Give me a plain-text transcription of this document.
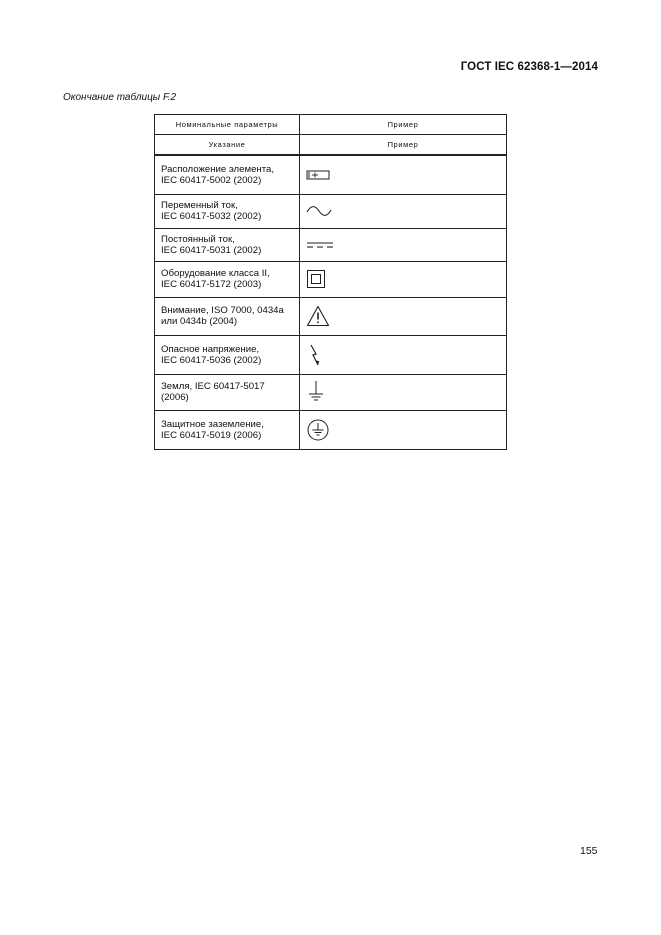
ГОСТ IEC 62368-1—2014
Окончание таблицы F.2
Номинальные параметры	Пример
Указание	Пример
Расположение элемента,
IEC 60417-5002 (2002)	

Переменный ток,
IEC 60417-5032 (2002)	

Постоянный ток,
IEC 60417-5031 (2002)	

Оборудование класса II,
IEC 60417-5172 (2003)	

Внимание, ISO 7000, 0434a
или 0434b (2004)	

Опасное напряжение,
IEC 60417-5036 (2002)	

Земля, IEC 60417-5017
(2006)	

Защитное заземление,
IEC 60417-5019 (2006)	
155
